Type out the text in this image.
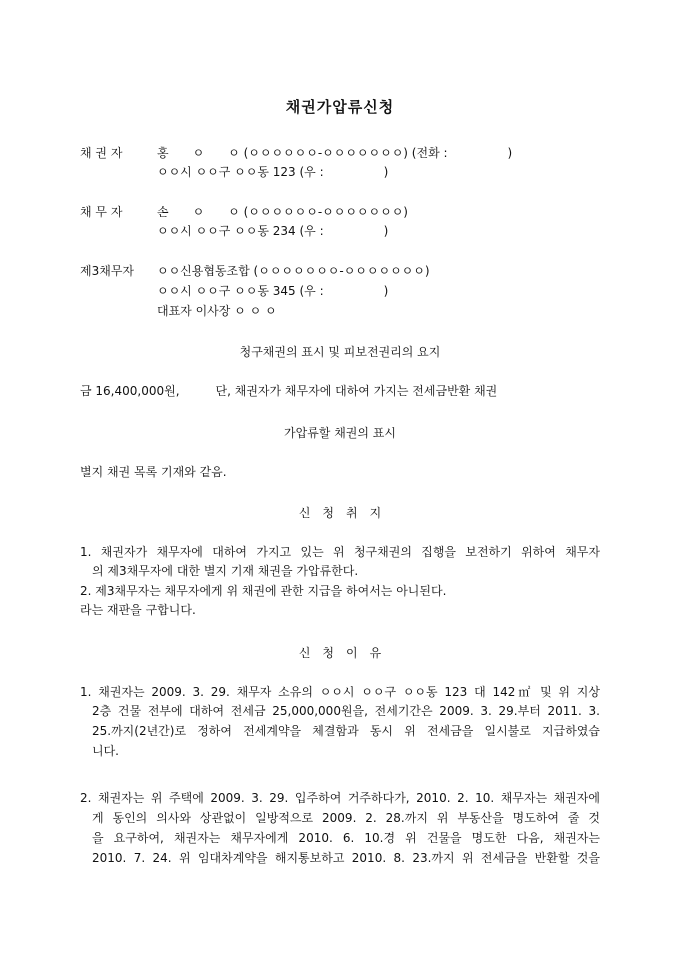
채권가압류신청
채 권 자	홍　　ㅇ　　ㅇ (ㅇㅇㅇㅇㅇㅇ-ㅇㅇㅇㅇㅇㅇㅇ) (전화 :　　　　　)
ㅇㅇ시 ㅇㅇ구 ㅇㅇ동 123 (우 :　　　　　)
채 무 자	손　　ㅇ　　ㅇ (ㅇㅇㅇㅇㅇㅇ-ㅇㅇㅇㅇㅇㅇㅇ)
ㅇㅇ시 ㅇㅇ구 ㅇㅇ동 234 (우 :　　　　　)
제3채무자 ㅇㅇ신용협동조합 (ㅇㅇㅇㅇㅇㅇㅇ-ㅇㅇㅇㅇㅇㅇㅇ)
ㅇㅇ시 ㅇㅇ구 ㅇㅇ동 345 (우 :　　　　　)
대표자 이사장 ㅇ ㅇ ㅇ
청구채권의 표시 및 피보전권리의 요지
금 16,400,000원,　　　단, 채권자가 채무자에 대하여 가지는 전세금반환 채권
가압류할 채권의 표시
별지 채권 목록 기재와 같음.
신　청　취　지
1. 채권자가 채무자에 대하여 가지고 있는 위 청구채권의 집행을 보전하기 위하여 채무자
의 제3채무자에 대한 별지 기재 채권을 가압류한다.
2. 제3채무자는 채무자에게 위 채권에 관한 지급을 하여서는 아니된다.
라는 재판을 구합니다.
신　청　이　유
1. 채권자는 2009. 3. 29. 채무자 소유의 ㅇㅇ시 ㅇㅇ구 ㅇㅇ동 123 대 142㎡ 및 위 지상
2층 건물 전부에 대하여 전세금 25,000,000원을, 전세기간은 2009. 3. 29.부터 2011. 3.
25.까지(2년간)로 정하여 전세계약을 체결함과 동시 위 전세금을 일시불로 지급하였습
니다.
2. 채권자는 위 주택에 2009. 3. 29. 입주하여 거주하다가, 2010. 2. 10. 채무자는 채권자에
게 동인의 의사와 상관없이 일방적으로 2009. 2. 28.까지 위 부동산을 명도하여 줄 것
을 요구하여, 채권자는 채무자에게 2010. 6. 10.경 위 건물을 명도한 다음, 채권자는
2010. 7. 24. 위 임대차계약을 해지통보하고 2010. 8. 23.까지 위 전세금을 반환할 것을
